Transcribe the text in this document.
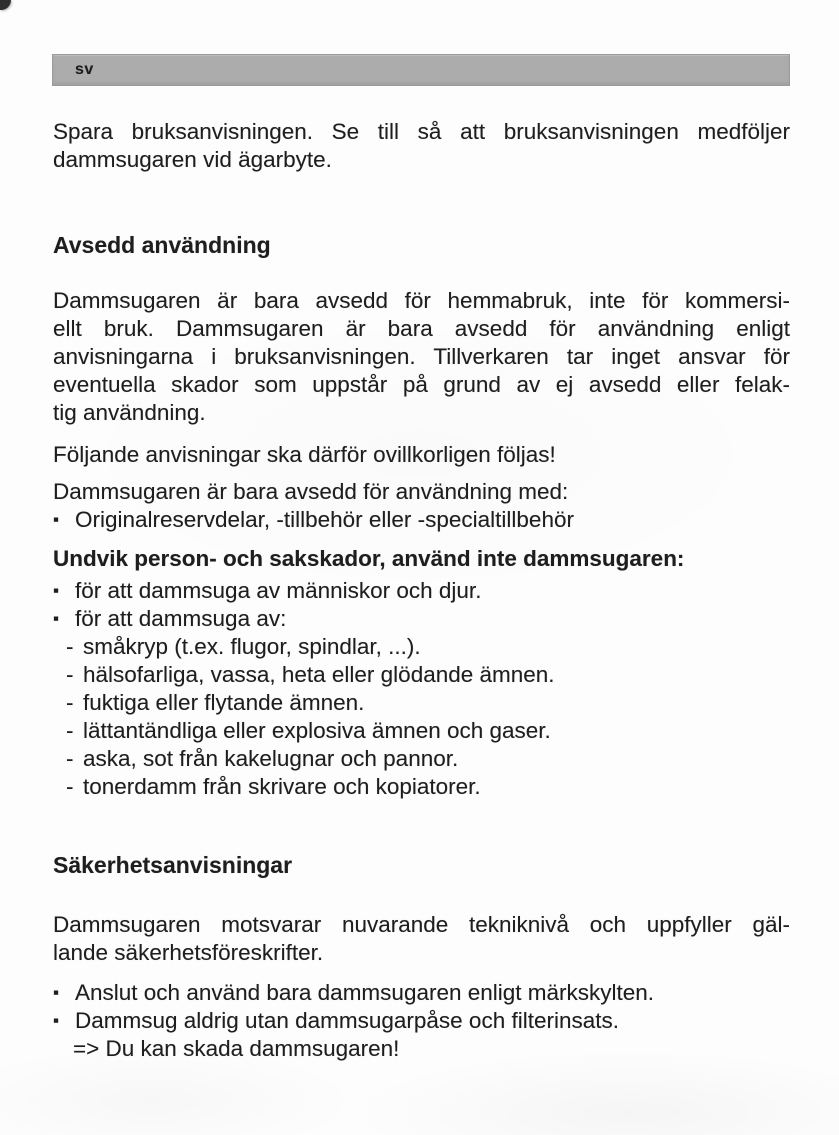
sv
Spara bruksanvisningen. Se till så att bruksanvisningen medföljer
dammsugaren vid ägarbyte.
Avsedd användning
Dammsugaren är bara avsedd för hemmabruk, inte för kommersi-
ellt bruk. Dammsugaren är bara avsedd för användning enligt
anvisningarna i bruksanvisningen. Tillverkaren tar inget ansvar för
eventuella skador som uppstår på grund av ej avsedd eller felak-
tig användning.
Följande anvisningar ska därför ovillkorligen följas!
Dammsugaren är bara avsedd för användning med:
▪ Originalreservdelar, -tillbehör eller -specialtillbehör
Undvik person- och sakskador, använd inte dammsugaren:
▪ för att dammsuga av människor och djur.
▪ för att dammsuga av:
- småkryp (t.ex. flugor, spindlar, ...).
- hälsofarliga, vassa, heta eller glödande ämnen.
- fuktiga eller flytande ämnen.
- lättantändliga eller explosiva ämnen och gaser.
- aska, sot från kakelugnar och pannor.
- tonerdamm från skrivare och kopiatorer.
Säkerhetsanvisningar
Dammsugaren motsvarar nuvarande tekniknivå och uppfyller gäl-
lande säkerhetsföreskrifter.
▪ Anslut och använd bara dammsugaren enligt märkskylten.
▪ Dammsug aldrig utan dammsugarpåse och filterinsats.
=> Du kan skada dammsugaren!
